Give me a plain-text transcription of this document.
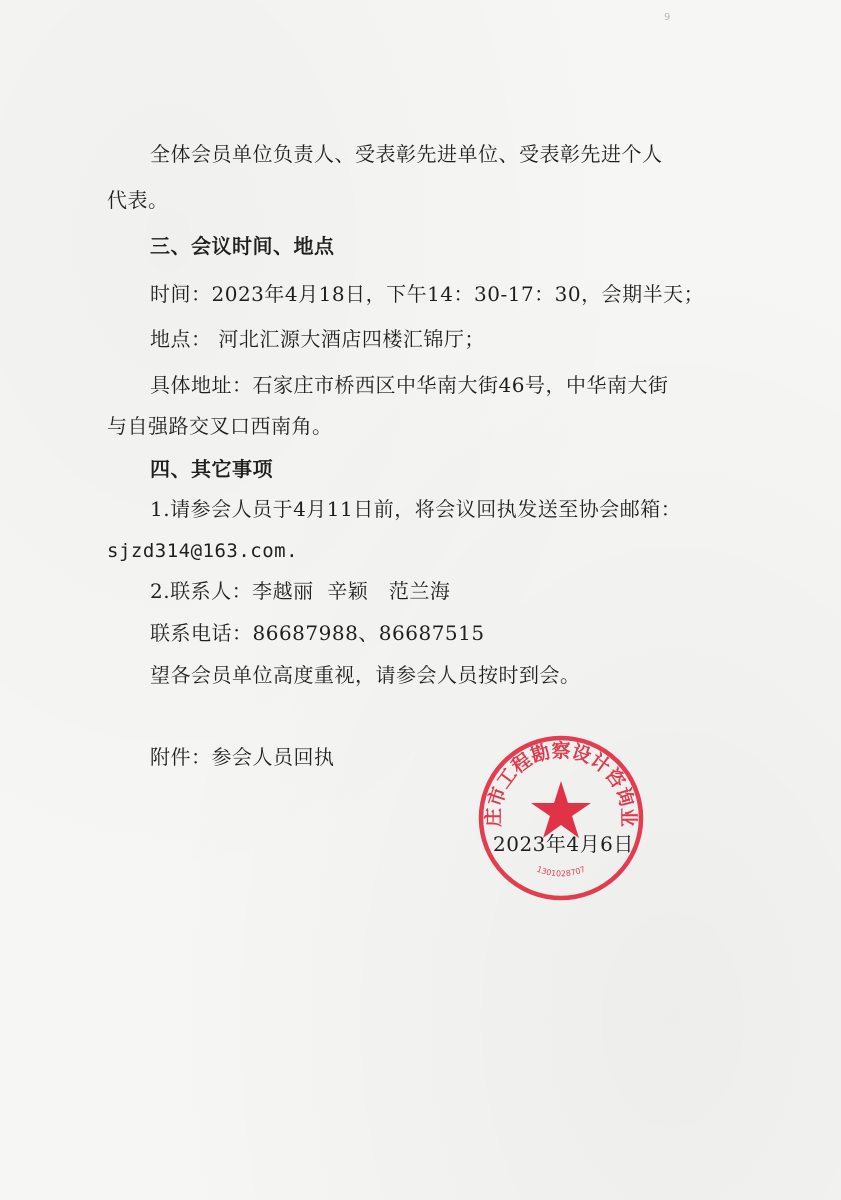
9
全体会员单位负责人、受表彰先进单位、受表彰先进个人
代表。
三、会议时间、地点
时间：2023年4月18日，下午14：30-17：30，会期半天；
地点： 河北汇源大酒店四楼汇锦厅；
具体地址：石家庄市桥西区中华南大街46号，中华南大街
与自强路交叉口西南角。
四、其它事项
1.请参会人员于4月11日前，将会议回执发送至协会邮箱：
sjzd314@163.com.
2.联系人：李越丽  辛颖   范兰海
联系电话：86687988、86687515
望各会员单位高度重视，请参会人员按时到会。
附件：参会人员回执
石家庄市工程勘察设计咨询业协会
1301028707
2023年4月6日
